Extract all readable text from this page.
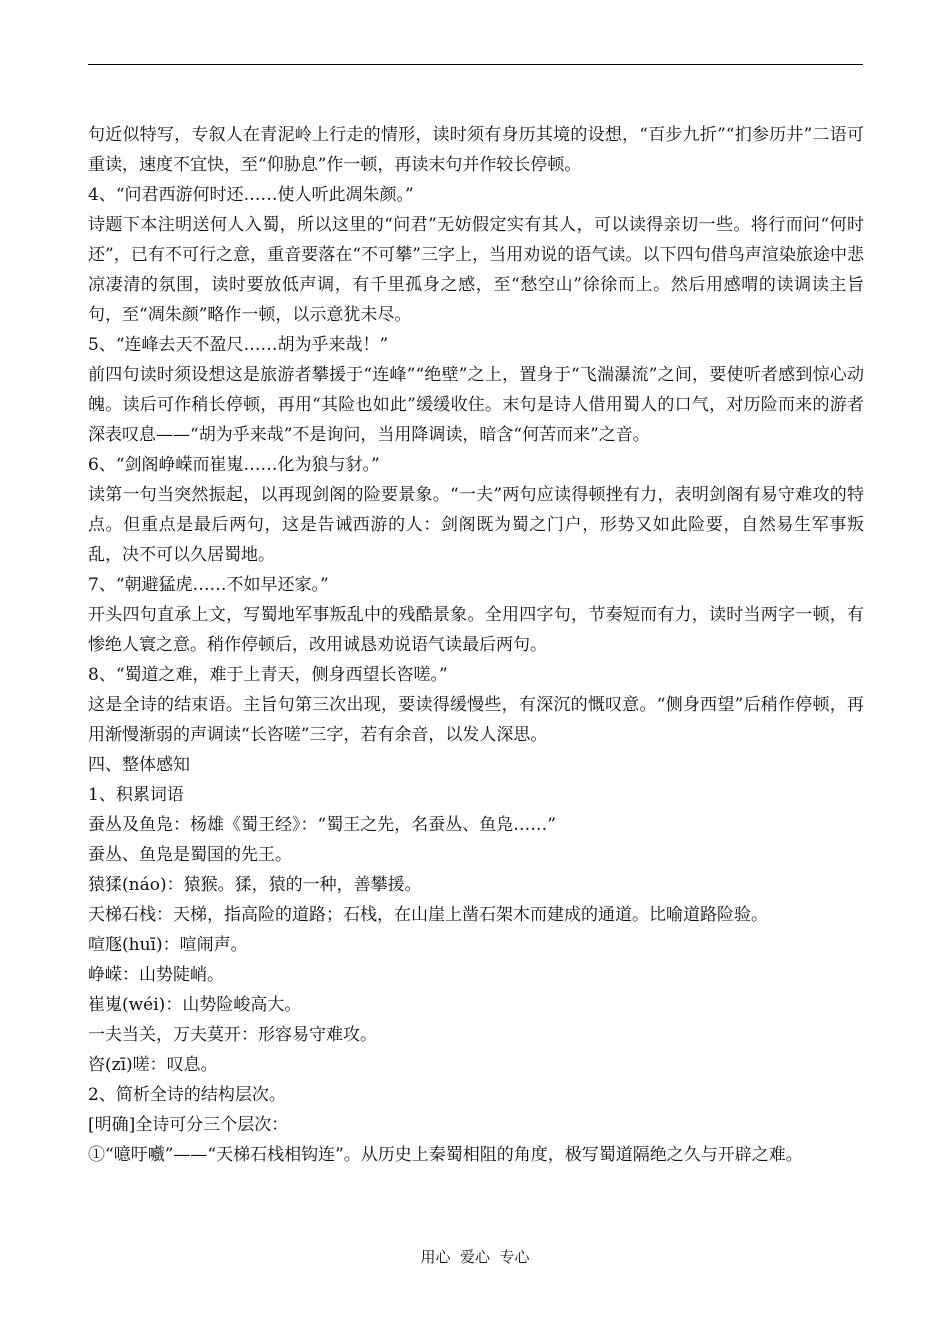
句近似特写，专叙人在青泥岭上行走的情形，读时须有身历其境的设想，“百步九折”“扪参历井”二语可重读，速度不宜快，至“仰胁息”作一顿，再读末句并作较长停顿。

4、“问君西游何时还……使人听此凋朱颜。”

诗题下本注明送何人入蜀，所以这里的“问君”无妨假定实有其人，可以读得亲切一些。将行而问“何时还”，已有不可行之意，重音要落在“不可攀”三字上，当用劝说的语气读。以下四句借鸟声渲染旅途中悲凉凄清的氛围，读时要放低声调，有千里孤身之感，至“愁空山”徐徐而上。然后用感喟的读调读主旨句，至“凋朱颜”略作一顿，以示意犹未尽。

5、“连峰去天不盈尺……胡为乎来哉！”

前四句读时须设想这是旅游者攀援于“连峰”“绝壁”之上，置身于“飞湍瀑流”之间，要使听者感到惊心动魄。读后可作稍长停顿，再用“其险也如此”缓缓收住。末句是诗人借用蜀人的口气，对历险而来的游者深表叹息——“胡为乎来哉”不是询问，当用降调读，暗含“何苦而来”之音。

6、“剑阁峥嵘而崔嵬……化为狼与豺。”

读第一句当突然振起，以再现剑阁的险要景象。“一夫”两句应读得顿挫有力，表明剑阁有易守难攻的特点。但重点是最后两句，这是告诫西游的人：剑阁既为蜀之门户，形势又如此险要，自然易生军事叛乱，决不可以久居蜀地。

7、“朝避猛虎……不如早还家。”

开头四句直承上文，写蜀地军事叛乱中的残酷景象。全用四字句，节奏短而有力，读时当两字一顿，有惨绝人寰之意。稍作停顿后，改用诚恳劝说语气读最后两句。

8、“蜀道之难，难于上青天，侧身西望长咨嗟。”

这是全诗的结束语。主旨句第三次出现，要读得缓慢些，有深沉的慨叹意。“侧身西望”后稍作停顿，再用渐慢渐弱的声调读“长咨嗟”三字，若有余音，以发人深思。

四、整体感知

1、积累词语

蚕丛及鱼凫：杨雄《蜀王经》：“蜀王之先，名蚕丛、鱼凫……”

蚕丛、鱼凫是蜀国的先王。

猿猱(náo)：猿猴。猱，猿的一种，善攀援。

天梯石栈：天梯，指高险的道路；石栈，在山崖上凿石架木而建成的通道。比喻道路险验。

喧豗(huī)：喧闹声。

峥嵘：山势陡峭。

崔嵬(wéi)：山势险峻高大。

一夫当关，万夫莫开：形容易守难攻。

咨(zī)嗟：叹息。

2、简析全诗的结构层次。

[明确]全诗可分三个层次：

①“噫吁嚱”——“天梯石栈相钩连”。从历史上秦蜀相阻的角度，极写蜀道隔绝之久与开辟之难。

用心  爱心  专心
